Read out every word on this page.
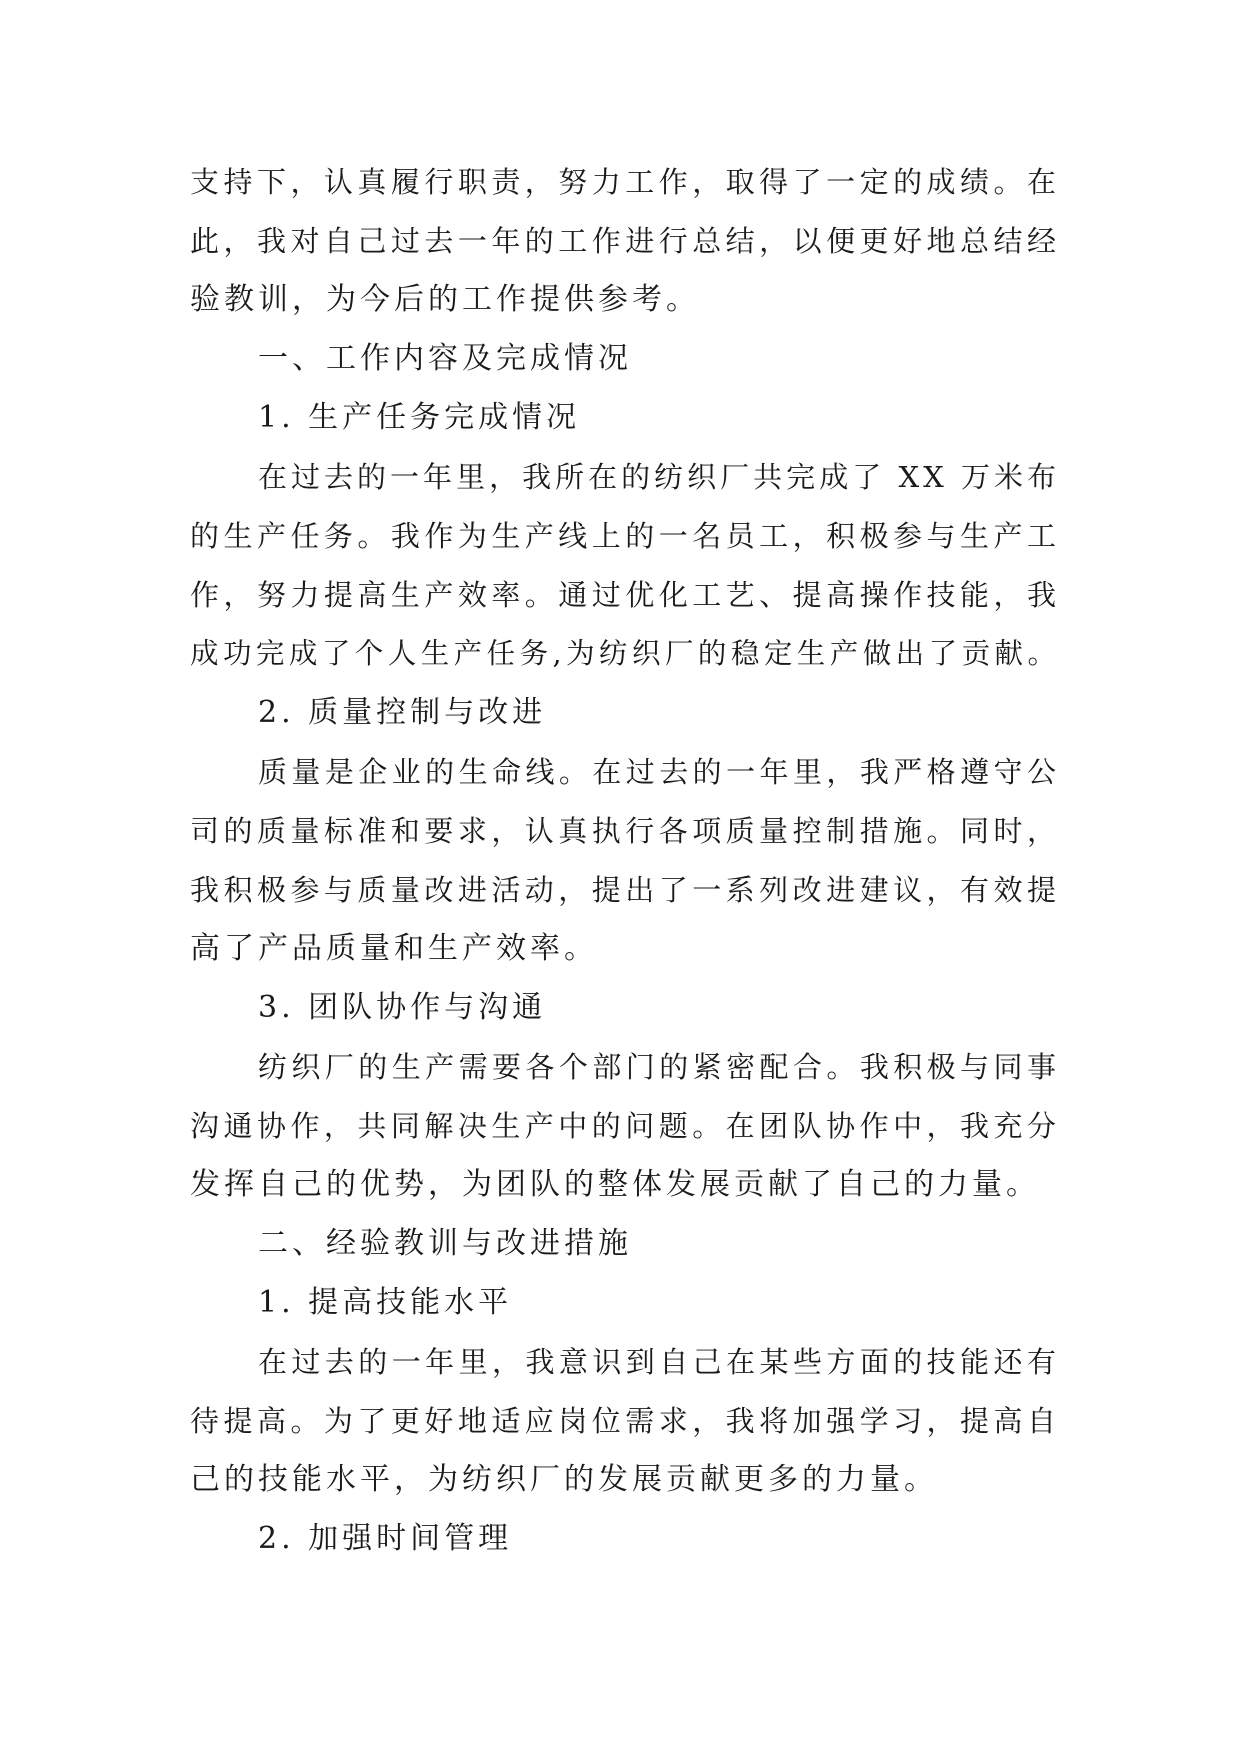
支持下，认真履行职责，努力工作，取得了一定的成绩。在
此，我对自己过去一年的工作进行总结，以便更好地总结经
验教训，为今后的工作提供参考。
一、工作内容及完成情况
1. 生产任务完成情况
在过去的一年里，我所在的纺织厂共完成了 XX 万米布
的生产任务。我作为生产线上的一名员工，积极参与生产工
作，努力提高生产效率。通过优化工艺、提高操作技能，我
成功完成了个人生产任务,为纺织厂的稳定生产做出了贡献。
2. 质量控制与改进
质量是企业的生命线。在过去的一年里，我严格遵守公
司的质量标准和要求，认真执行各项质量控制措施。同时，
我积极参与质量改进活动，提出了一系列改进建议，有效提
高了产品质量和生产效率。
3. 团队协作与沟通
纺织厂的生产需要各个部门的紧密配合。我积极与同事
沟通协作，共同解决生产中的问题。在团队协作中，我充分
发挥自己的优势，为团队的整体发展贡献了自己的力量。
二、经验教训与改进措施
1. 提高技能水平
在过去的一年里，我意识到自己在某些方面的技能还有
待提高。为了更好地适应岗位需求，我将加强学习，提高自
己的技能水平，为纺织厂的发展贡献更多的力量。
2. 加强时间管理
